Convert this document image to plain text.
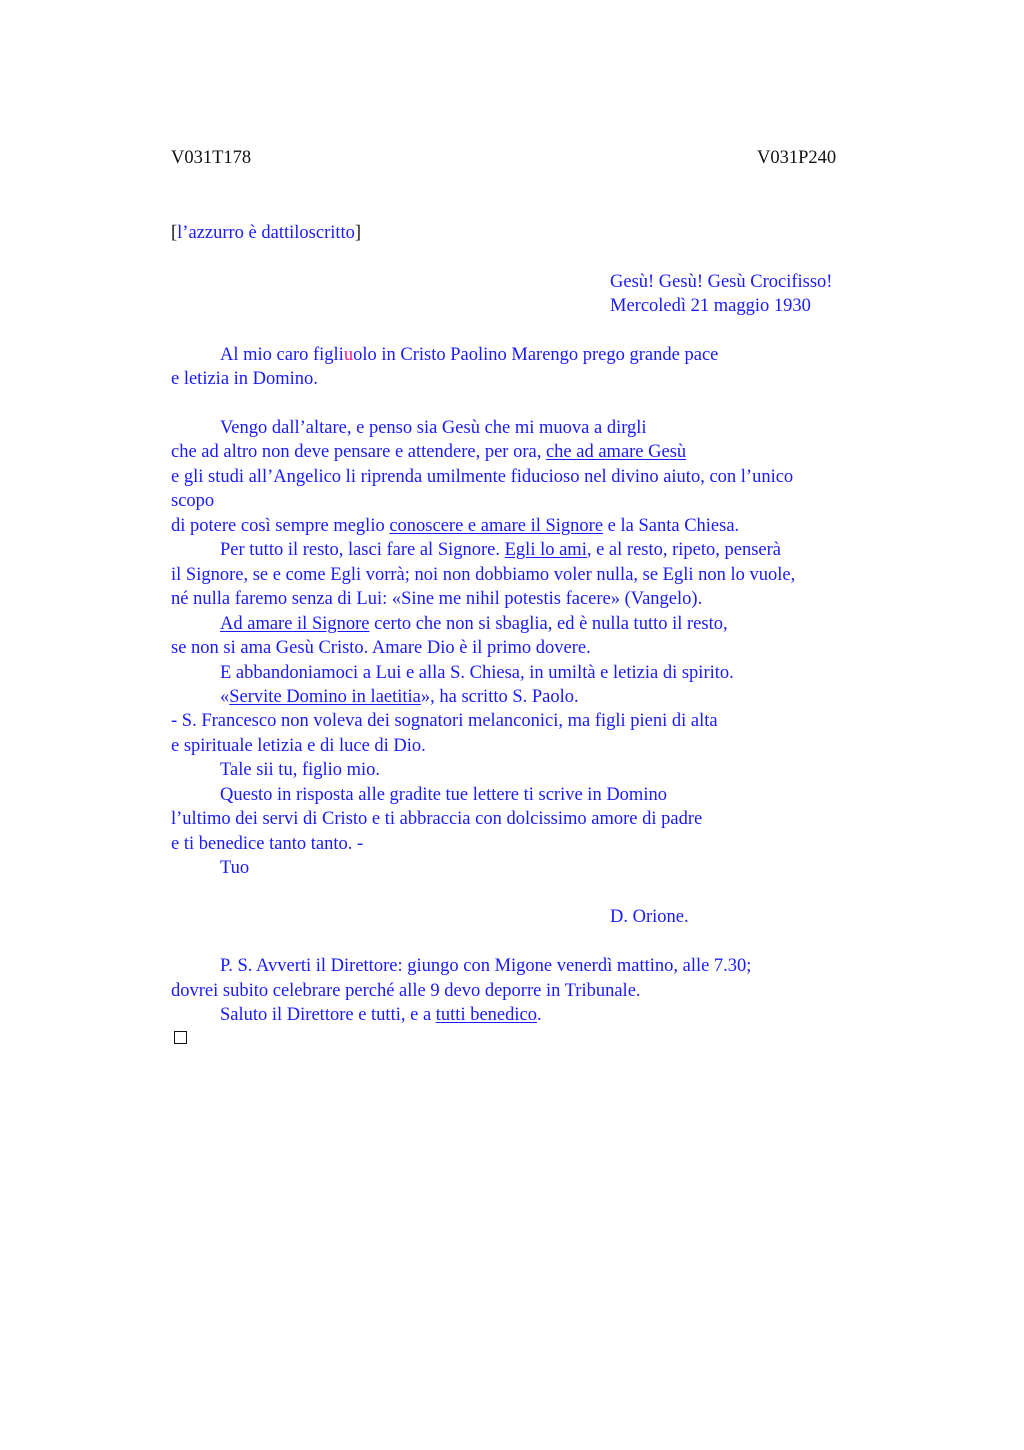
V031T178	V031P240
[l’azzurro è dattiloscritto]
Gesù! Gesù! Gesù Crocifisso!
Mercoledì 21 maggio 1930
Al mio caro figliuolo in Cristo Paolino Marengo prego grande pace
e letizia in Domino.
Vengo dall’altare, e penso sia Gesù che mi muova a dirgli
che ad altro non deve pensare e attendere, per ora, che ad amare Gesù
e gli studi all’Angelico li riprenda umilmente fiducioso nel divino aiuto, con l’unico
scopo
di potere così sempre meglio conoscere e amare il Signore e la Santa Chiesa.
Per tutto il resto, lasci fare al Signore. Egli lo ami, e al resto, ripeto, penserà
il Signore, se e come Egli vorrà; noi non dobbiamo voler nulla, se Egli non lo vuole,
né nulla faremo senza di Lui: «Sine me nihil potestis facere» (Vangelo).
Ad amare il Signore certo che non si sbaglia, ed è nulla tutto il resto,
se non si ama Gesù Cristo. Amare Dio è il primo dovere.
E abbandoniamoci a Lui e alla S. Chiesa, in umiltà e letizia di spirito.
«Servite Domino in laetitia», ha scritto S. Paolo.
- S. Francesco non voleva dei sognatori melanconici, ma figli pieni di alta
e spirituale letizia e di luce di Dio.
Tale sii tu, figlio mio.
Questo in risposta alle gradite tue lettere ti scrive in Domino
l’ultimo dei servi di Cristo e ti abbraccia con dolcissimo amore di padre
e ti benedice tanto tanto. -
Tuo
D. Orione.
P. S. Avverti il Direttore: giungo con Migone venerdì mattino, alle 7.30;
dovrei subito celebrare perché alle 9 devo deporre in Tribunale.
Saluto il Direttore e tutti, e a tutti benedico.
